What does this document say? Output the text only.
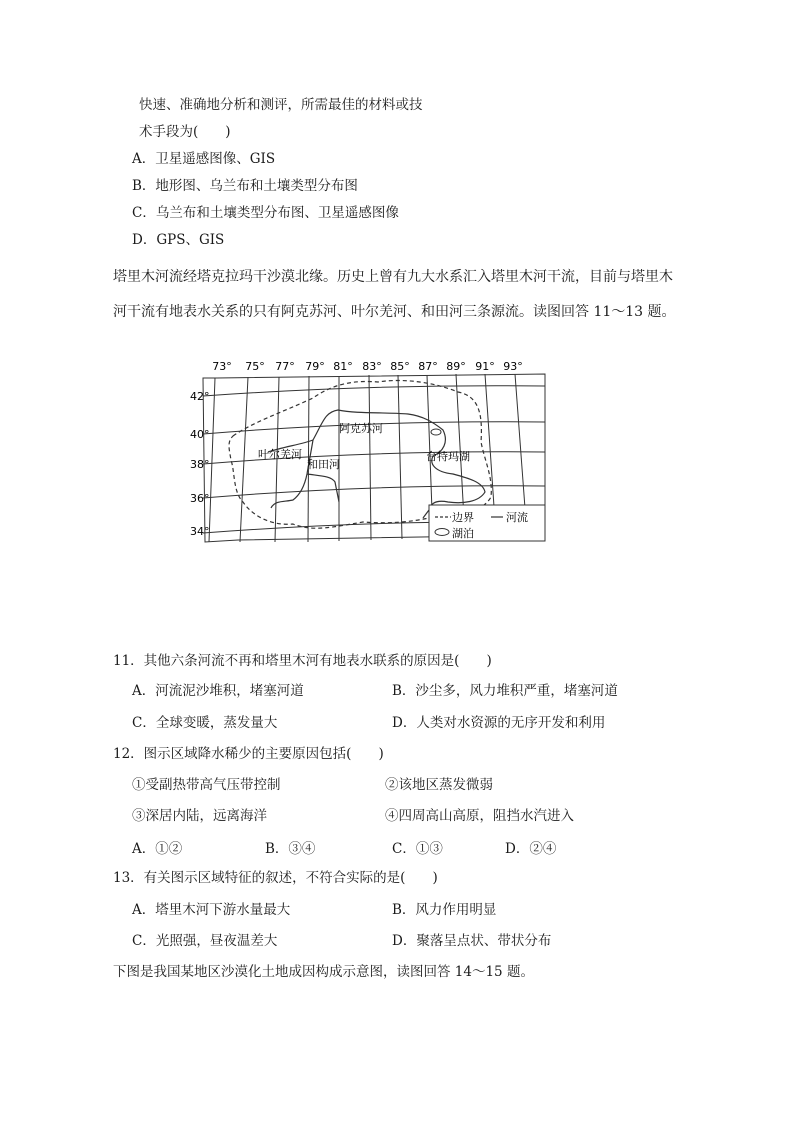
快速、准确地分析和测评，所需最佳的材料或技
术手段为(　　)
A．卫星遥感图像、GIS
B．地形图、乌兰布和土壤类型分布图
C．乌兰布和土壤类型分布图、卫星遥感图像
D．GPS、GIS
塔里木河流经塔克拉玛干沙漠北缘。历史上曾有九大水系汇入塔里木河干流，目前与塔里木
河干流有地表水关系的只有阿克苏河、叶尔羌河、和田河三条源流。读图回答 11～13 题。
73° 75° 77° 79° 81° 83° 85° 87° 89° 91° 93°
42°
40°
38°
36°
34°
阿克苏河
叶尔羌河
和田河
台特玛湖
边界	河流
湖泊
11．其他六条河流不再和塔里木河有地表水联系的原因是(　　)
A．河流泥沙堆积，堵塞河道	B．沙尘多，风力堆积严重，堵塞河道
C．全球变暖，蒸发量大	D．人类对水资源的无序开发和利用
12．图示区域降水稀少的主要原因包括(　　)
①受副热带高气压带控制	②该地区蒸发微弱
③深居内陆，远离海洋	④四周高山高原，阻挡水汽进入
A．①②	B．③④	C．①③	D．②④
13．有关图示区域特征的叙述，不符合实际的是(　　)
A．塔里木河下游水量最大	B．风力作用明显
C．光照强，昼夜温差大	D．聚落呈点状、带状分布
下图是我国某地区沙漠化土地成因构成示意图，读图回答 14～15 题。
